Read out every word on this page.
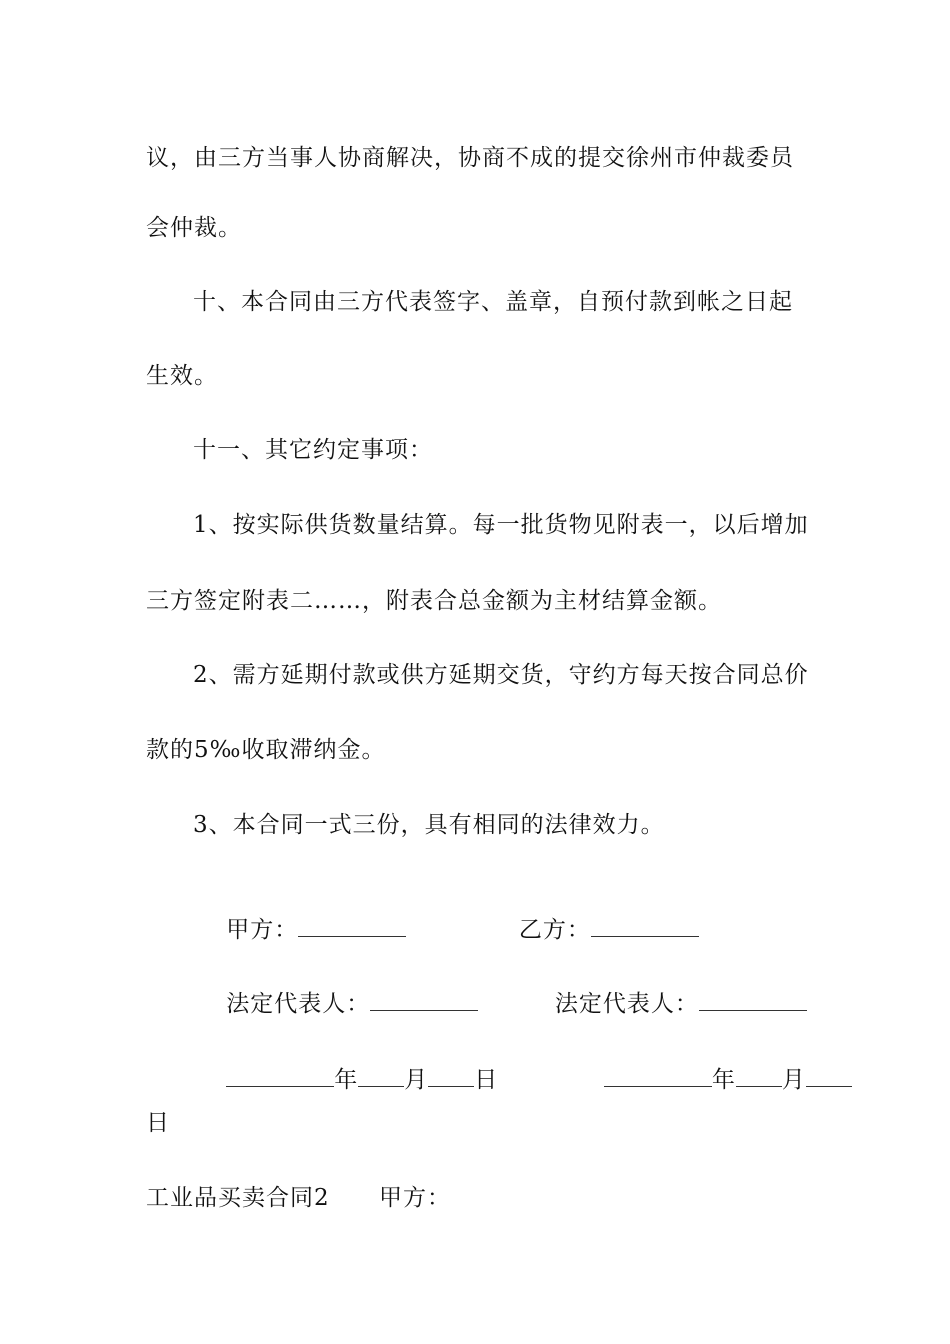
议，由三方当事人协商解决，协商不成的提交徐州市仲裁委员
会仲裁。
十、本合同由三方代表签字、盖章，自预付款到帐之日起
生效。
十一、其它约定事项：
1、按实际供货数量结算。每一批货物见附表一，以后增加
三方签定附表二……，附表合总金额为主材结算金额。
2、需方延期付款或供方延期交货，守约方每天按合同总价
款的5‰收取滞纳金。
3、本合同一式三份，具有相同的法律效力。

甲方：
	乙方：

法定代表人：
	法定代表人：

年 月 日
	年 月

日
工业品买卖合同2 甲方：
